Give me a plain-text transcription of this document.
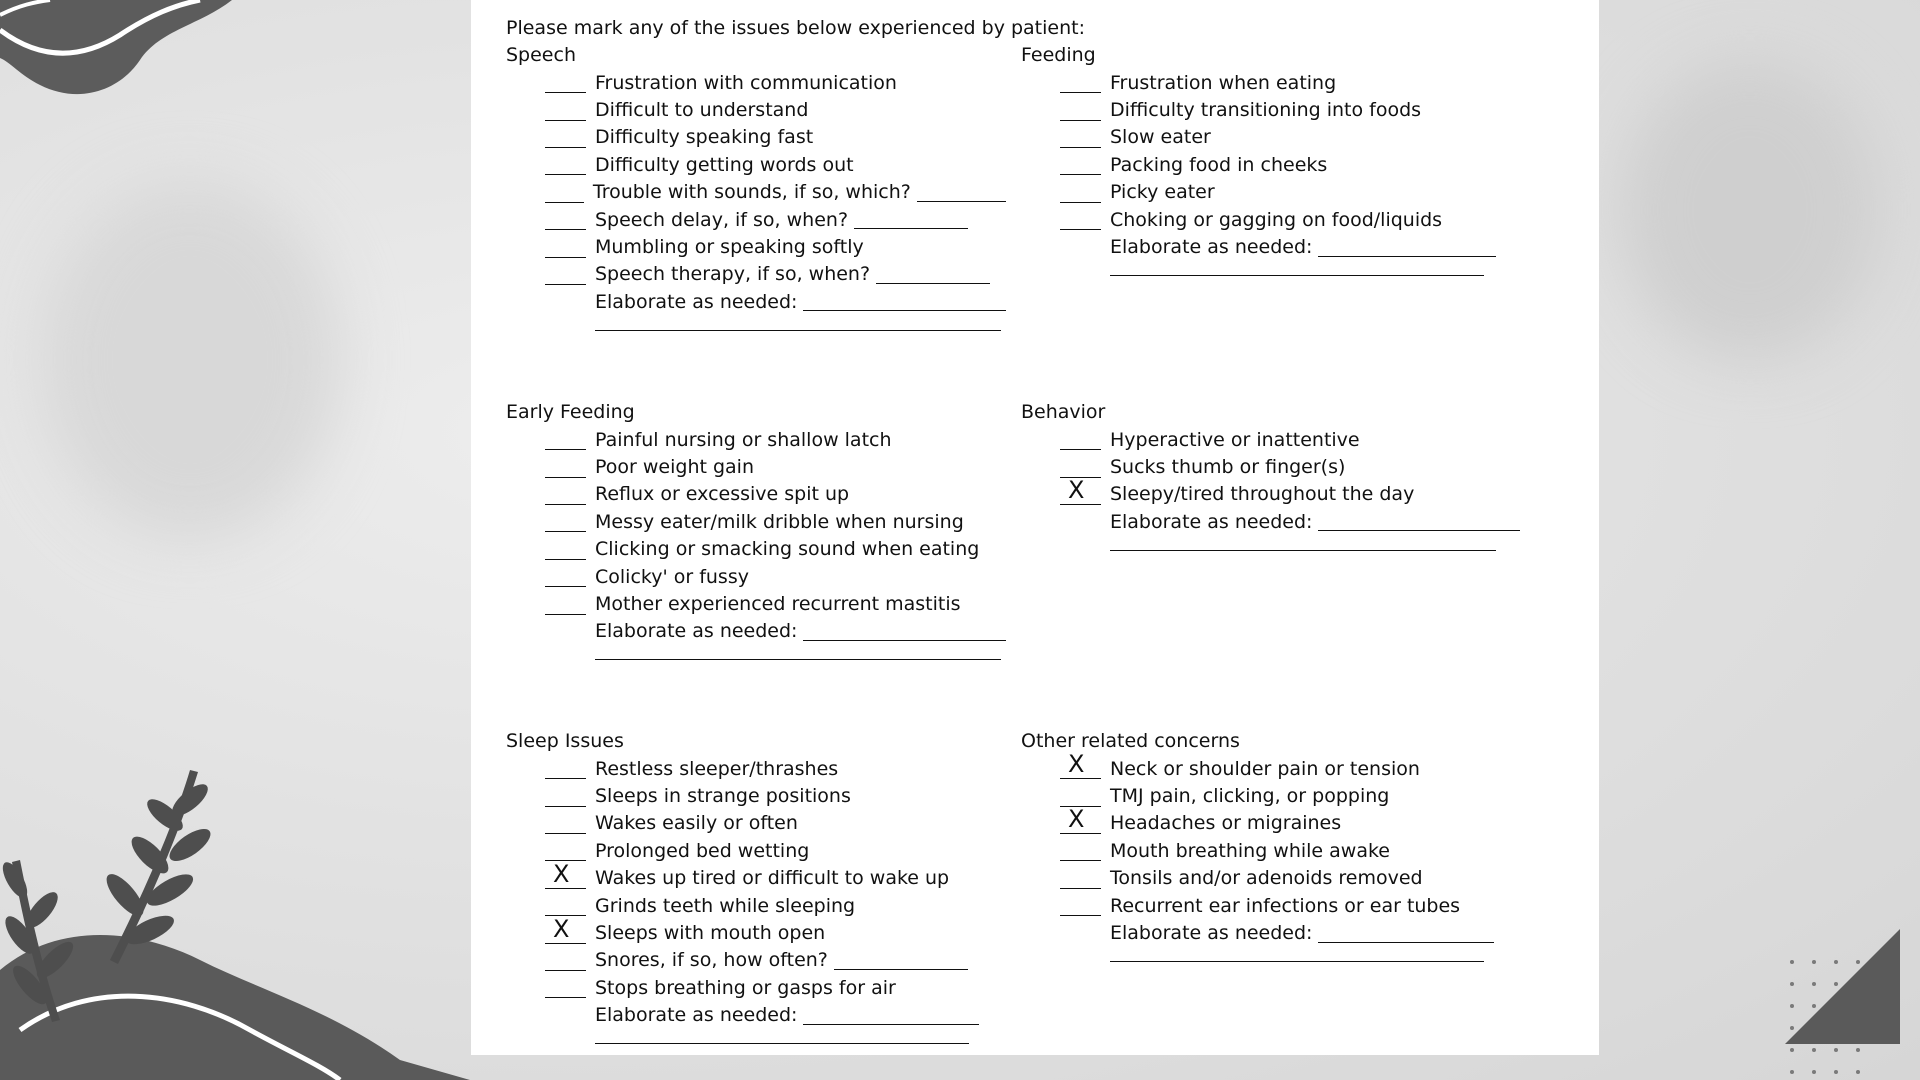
Please mark any of the issues below experienced by patient:
Speech
Frustration with communication
Difficult to understand
Difficulty speaking fast
Difficulty getting words out
Trouble with sounds, if so, which?
Speech delay, if so, when?
Mumbling or speaking softly
Speech therapy, if so, when?
Elaborate as needed:
Feeding
Frustration when eating
Difficulty transitioning into foods
Slow eater
Packing food in cheeks
Picky eater
Choking or gagging on food/liquids
Elaborate as needed:
Early Feeding
Painful nursing or shallow latch
Poor weight gain
Reflux or excessive spit up
Messy eater/milk dribble when nursing
Clicking or smacking sound when eating
Colicky' or fussy
Mother experienced recurrent mastitis
Elaborate as needed:
Behavior
Hyperactive or inattentive
Sucks thumb or finger(s)
X Sleepy/tired throughout the day
Elaborate as needed:
Sleep Issues
Restless sleeper/thrashes
Sleeps in strange positions
Wakes easily or often
Prolonged bed wetting
X Wakes up tired or difficult to wake up
Grinds teeth while sleeping
X Sleeps with mouth open
Snores, if so, how often?
Stops breathing or gasps for air
Elaborate as needed:
Other related concerns
X Neck or shoulder pain or tension
TMJ pain, clicking, or popping
X Headaches or migraines
Mouth breathing while awake
Tonsils and/or adenoids removed
Recurrent ear infections or ear tubes
Elaborate as needed:
